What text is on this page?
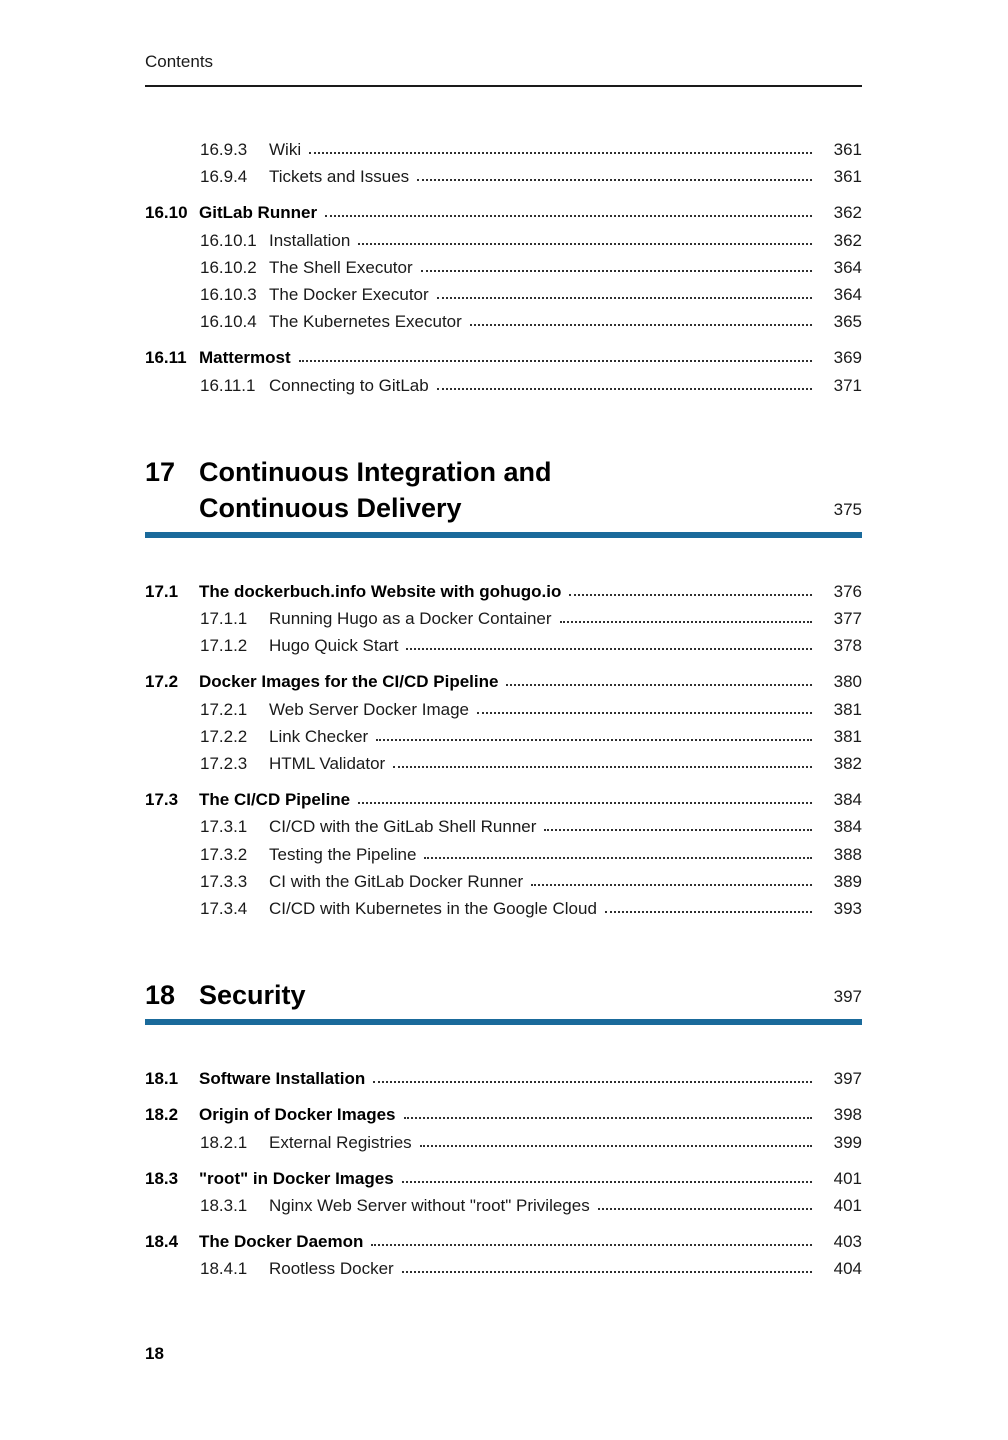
Contents
16.9.3	Wiki	361
16.9.4	Tickets and Issues	361
16.10 GitLab Runner	362
16.10.1 Installation	362
16.10.2 The Shell Executor	364
16.10.3 The Docker Executor	364
16.10.4 The Kubernetes Executor	365
16.11 Mattermost	369
16.11.1 Connecting to GitLab	371
17 Continuous Integration and
Continuous Delivery	375
17.1	The dockerbuch.info Website with gohugo.io	376
17.1.1	Running Hugo as a Docker Container	377
17.1.2	Hugo Quick Start	378
17.2	Docker Images for the CI/CD Pipeline	380
17.2.1	Web Server Docker Image	381
17.2.2	Link Checker	381
17.2.3	HTML Validator	382
17.3	The CI/CD Pipeline	384
17.3.1	CI/CD with the GitLab Shell Runner	384
17.3.2	Testing the Pipeline	388
17.3.3	CI with the GitLab Docker Runner	389
17.3.4	CI/CD with Kubernetes in the Google Cloud	393
18 Security	397
18.1	Software Installation	397
18.2	Origin of Docker Images	398
18.2.1	External Registries	399
18.3	"root" in Docker Images	401
18.3.1	Nginx Web Server without "root" Privileges	401
18.4	The Docker Daemon	403
18.4.1	Rootless Docker	404
18
